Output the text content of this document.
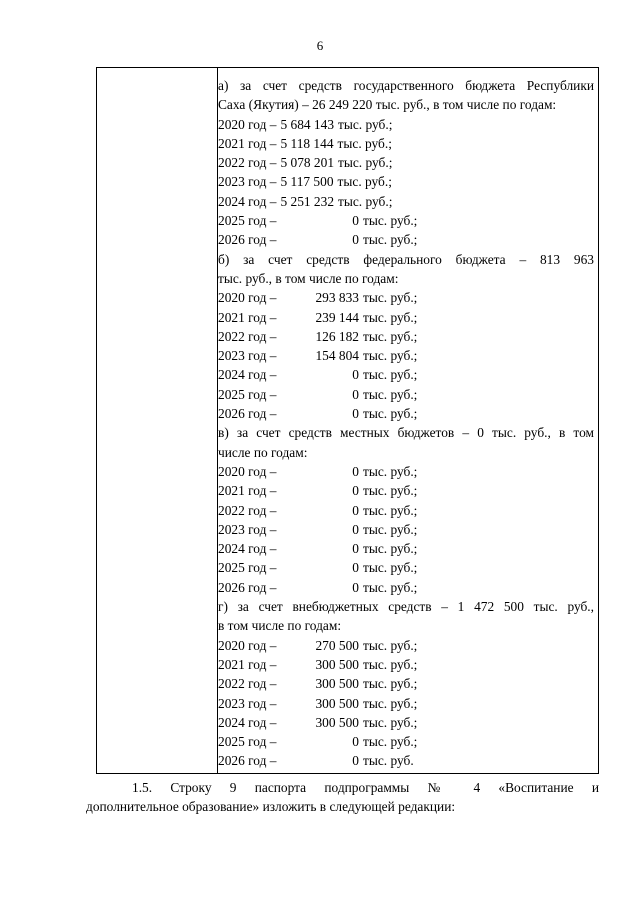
6
а) за счет средств государственного бюджета Республики
Саха (Якутия) – 26 249 220 тыс. руб., в том числе по годам:
2020 год – 5 684 143 тыс. руб.;
2021 год – 5 118 144 тыс. руб.;
2022 год – 5 078 201 тыс. руб.;
2023 год – 5 117 500 тыс. руб.;
2024 год – 5 251 232 тыс. руб.;
2025 год –	0 тыс. руб.;
2026 год –	0 тыс. руб.;
б) за счет средств федерального бюджета – 813 963
тыс. руб., в том числе по годам:
2020 год –	293 833 тыс. руб.;
2021 год –	239 144 тыс. руб.;
2022 год –	126 182 тыс. руб.;
2023 год –	154 804 тыс. руб.;
2024 год –	0 тыс. руб.;
2025 год –	0 тыс. руб.;
2026 год –	0 тыс. руб.;
в) за счет средств местных бюджетов – 0 тыс. руб., в том
числе по годам:
2020 год –	0 тыс. руб.;
2021 год –	0 тыс. руб.;
2022 год –	0 тыс. руб.;
2023 год –	0 тыс. руб.;
2024 год –	0 тыс. руб.;
2025 год –	0 тыс. руб.;
2026 год –	0 тыс. руб.;
г) за счет внебюджетных средств – 1 472 500 тыс. руб.,
в том числе по годам:
2020 год –	270 500 тыс. руб.;
2021 год –	300 500 тыс. руб.;
2022 год –	300 500 тыс. руб.;
2023 год –	300 500 тыс. руб.;
2024 год –	300 500 тыс. руб.;
2025 год –	0 тыс. руб.;
2026 год –	0 тыс. руб.
1.5. Строку 9 паспорта подпрограммы № 4 «Воспитание и
дополнительное образование» изложить в следующей редакции:
